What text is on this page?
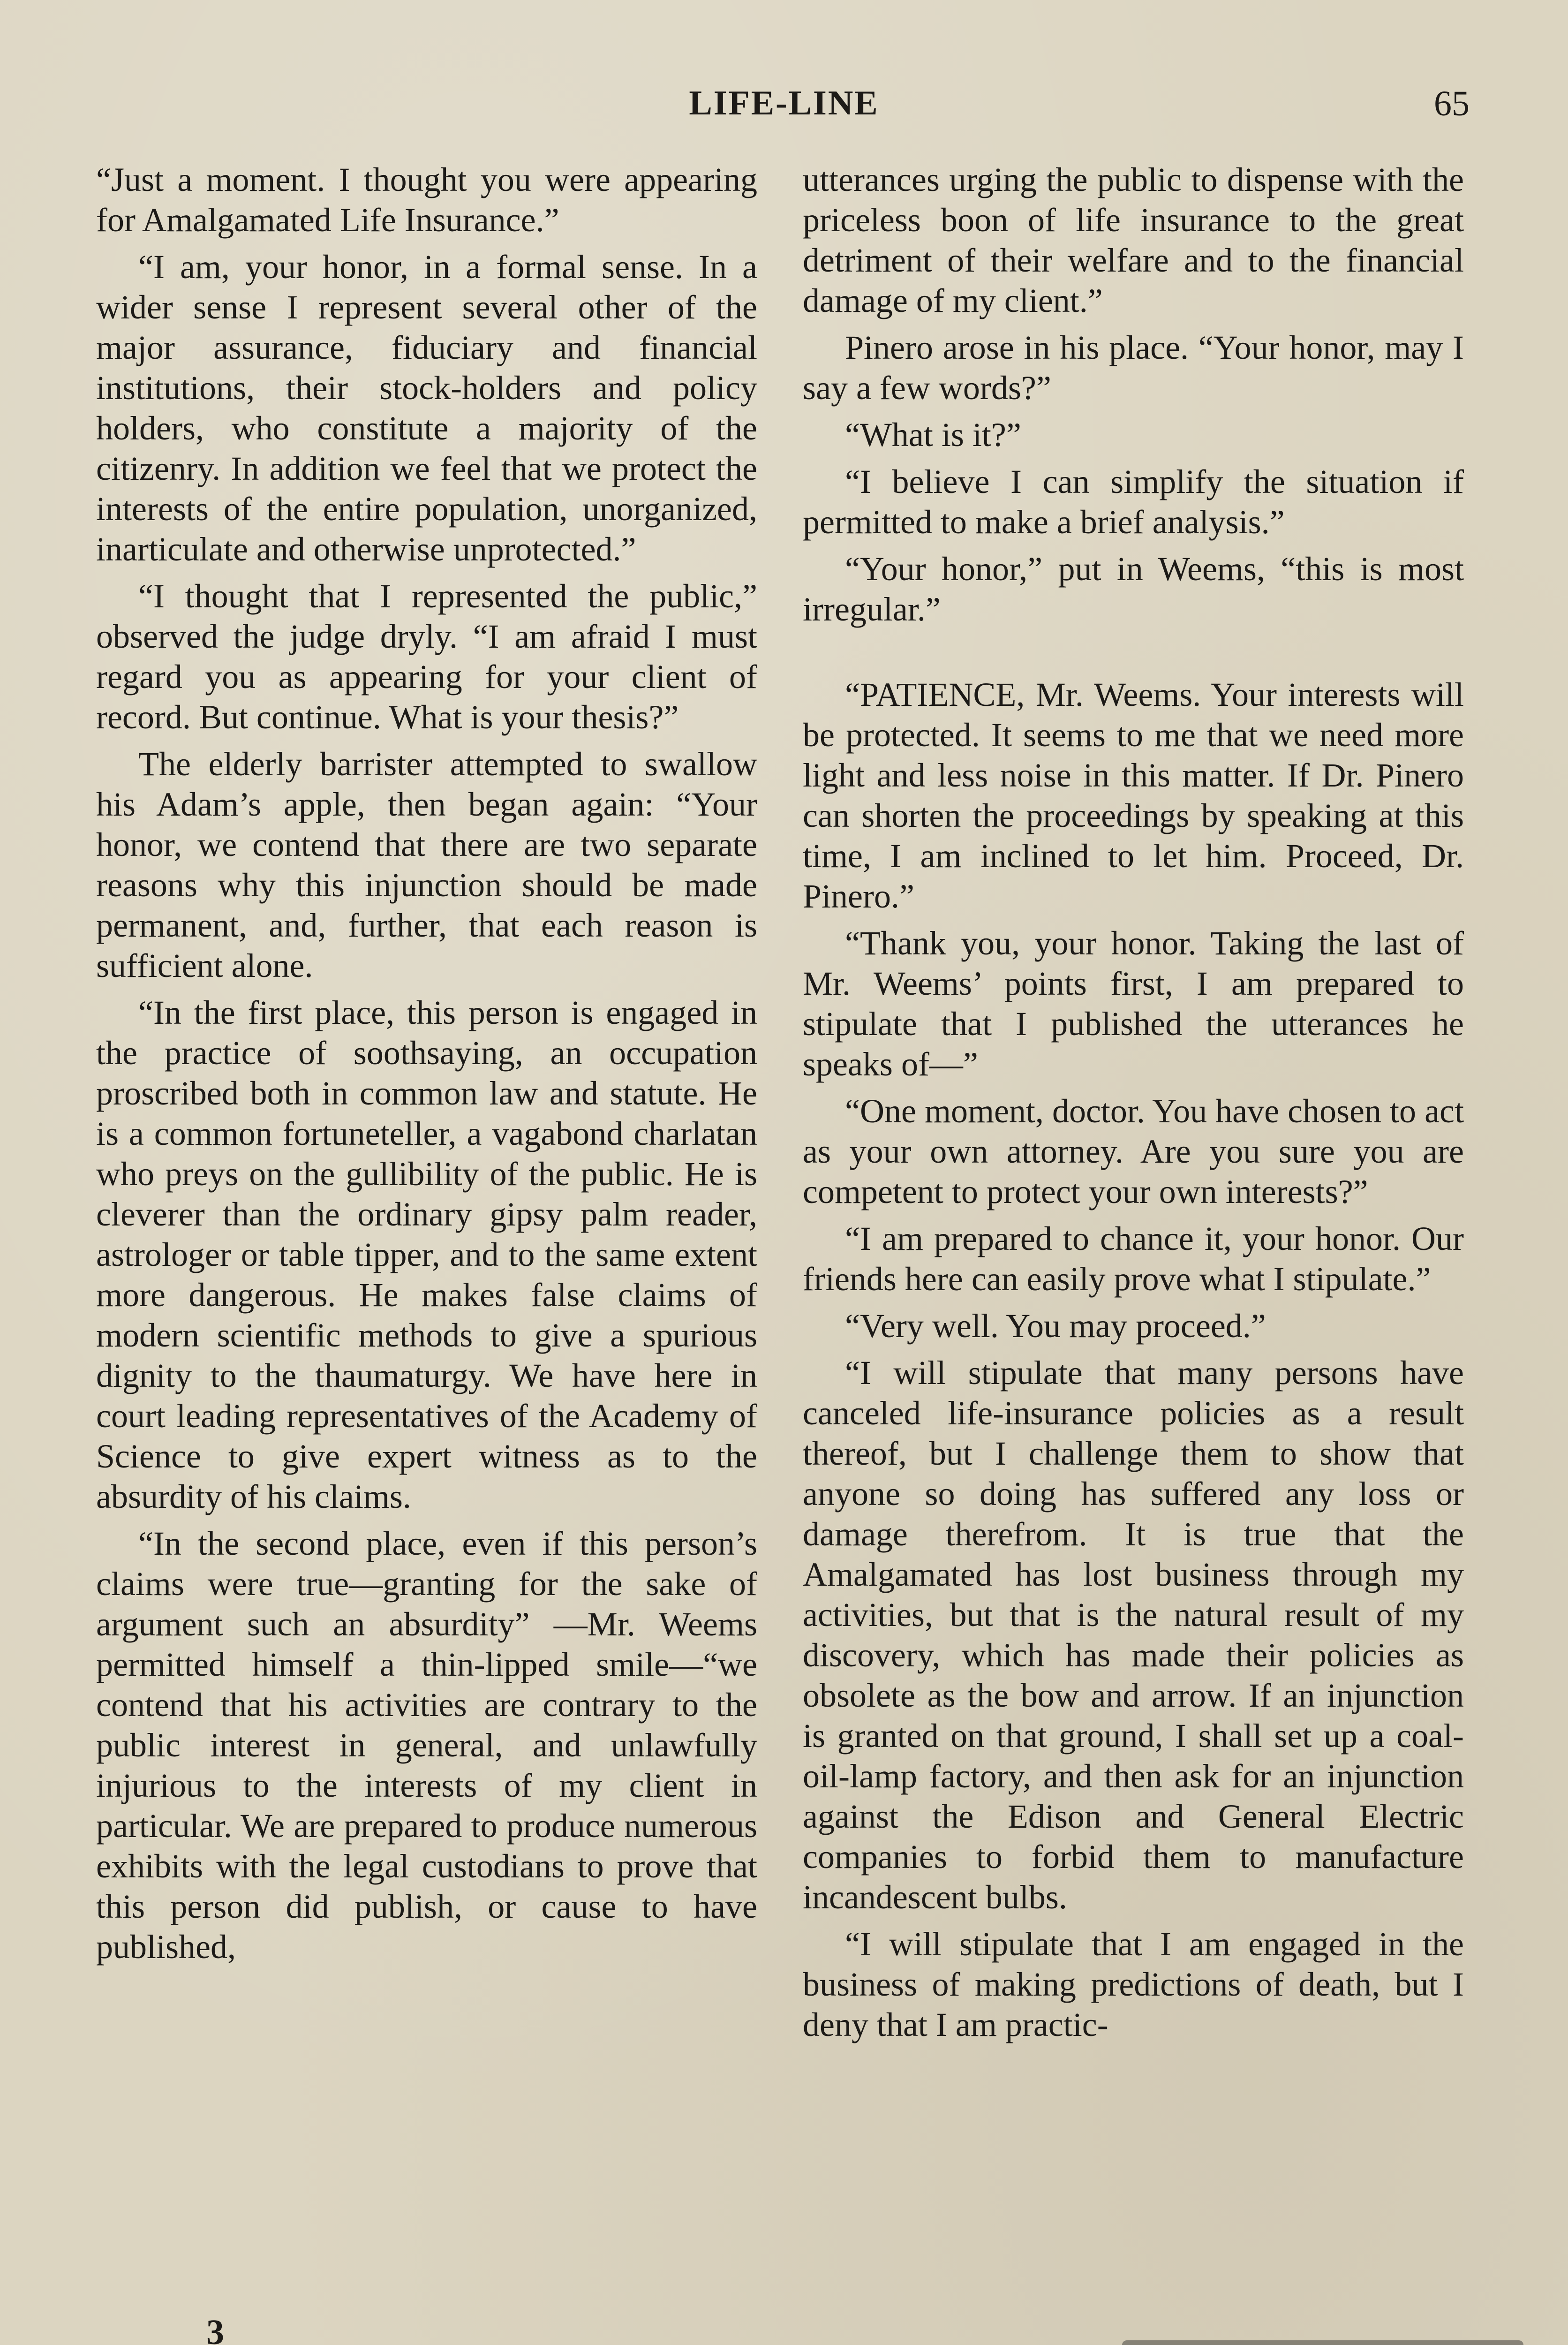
LIFE-LINE	65

“Just a moment. I thought you were appearing for Amalgamated Life Insurance.”

“I am, your honor, in a formal sense. In a wider sense I represent several other of the major assurance, fiduciary and financial institutions, their stock-holders and policy holders, who constitute a majority of the citizenry. In addition we feel that we protect the interests of the entire population, unorganized, inarticulate and otherwise unprotected.”

“I thought that I represented the public,” observed the judge dryly. “I am afraid I must regard you as appearing for your client of record. But continue. What is your thesis?”

The elderly barrister attempted to swallow his Adam’s apple, then began again: “Your honor, we contend that there are two separate reasons why this injunction should be made permanent, and, further, that each reason is sufficient alone.

“In the first place, this person is engaged in the practice of soothsaying, an occupation proscribed both in common law and statute. He is a common fortuneteller, a vagabond charlatan who preys on the gullibility of the public. He is cleverer than the ordinary gipsy palm reader, astrologer or table tipper, and to the same extent more dangerous. He makes false claims of modern scientific methods to give a spurious dignity to the thaumaturgy. We have here in court leading representatives of the Academy of Science to give expert witness as to the absurdity of his claims.

“In the second place, even if this person’s claims were true—granting for the sake of argument such an absurdity” —Mr. Weems permitted himself a thin-lipped smile—“we contend that his activities are contrary to the public interest in general, and unlawfully injurious to the interests of my client in particular. We are prepared to produce numerous exhibits with the legal custodians to prove that this person did publish, or cause to have published,

utterances urging the public to dispense with the priceless boon of life insurance to the great detriment of their welfare and to the financial damage of my client.”

Pinero arose in his place. “Your honor, may I say a few words?”

“What is it?”

“I believe I can simplify the situation if permitted to make a brief analysis.”

“Your honor,” put in Weems, “this is most irregular.”

“PATIENCE, Mr. Weems. Your interests will be protected. It seems to me that we need more light and less noise in this matter. If Dr. Pinero can shorten the proceedings by speaking at this time, I am inclined to let him. Proceed, Dr. Pinero.”

“Thank you, your honor. Taking the last of Mr. Weems’ points first, I am prepared to stipulate that I published the utterances he speaks of—”

“One moment, doctor. You have chosen to act as your own attorney. Are you sure you are competent to protect your own interests?”

“I am prepared to chance it, your honor. Our friends here can easily prove what I stipulate.”

“Very well. You may proceed.”

“I will stipulate that many persons have canceled life-insurance policies as a result thereof, but I challenge them to show that anyone so doing has suffered any loss or damage therefrom. It is true that the Amalgamated has lost business through my activities, but that is the natural result of my discovery, which has made their policies as obsolete as the bow and arrow. If an injunction is granted on that ground, I shall set up a coal-oil-lamp factory, and then ask for an injunction against the Edison and General Electric companies to forbid them to manufacture incandescent bulbs.

“I will stipulate that I am engaged in the business of making predictions of death, but I deny that I am practic-

3
